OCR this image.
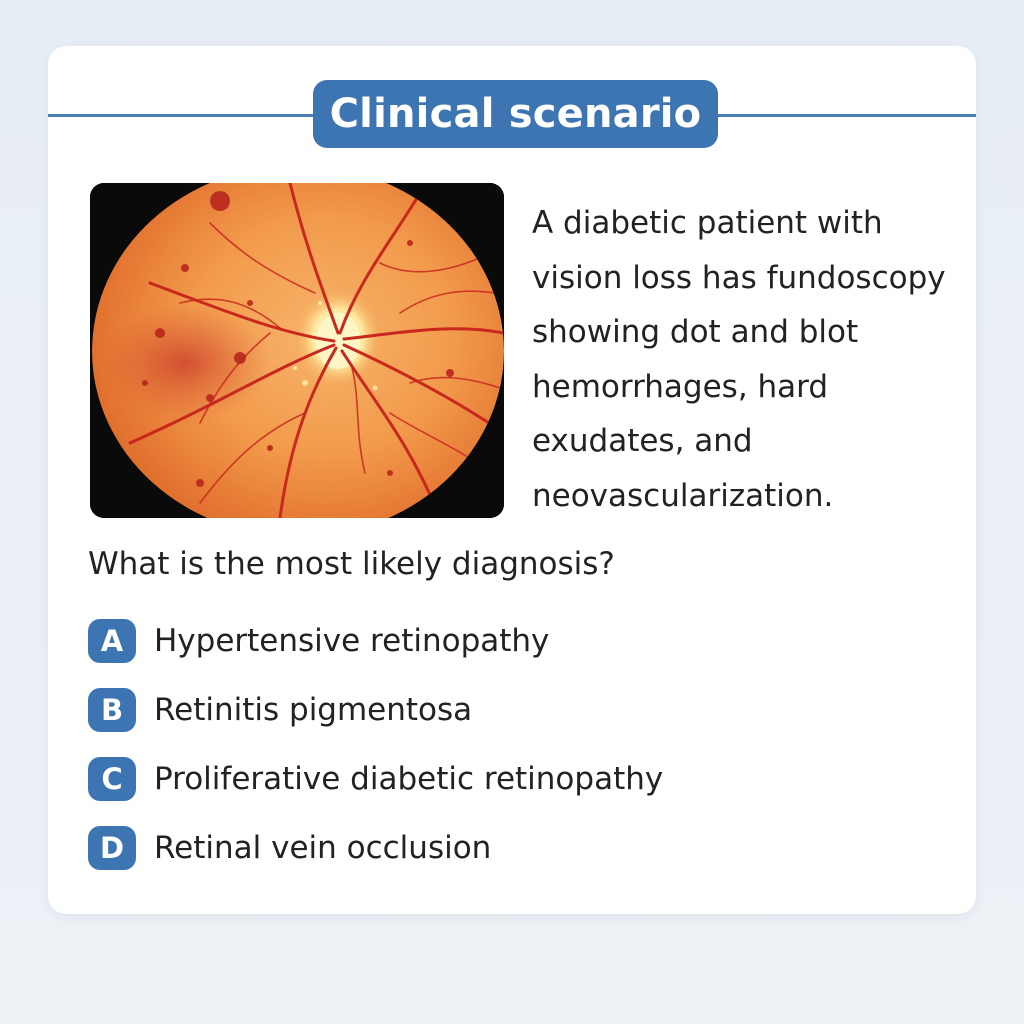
Clinical scenario

A diabetic patient with vision loss has fundoscopy showing dot and blot hemorrhages, hard exudates, and neovascularization.

What is the most likely diagnosis?

A Hypertensive retinopathy
B Retinitis pigmentosa
C	Proliferative diabetic retinopathy
D Retinal vein occlusion
